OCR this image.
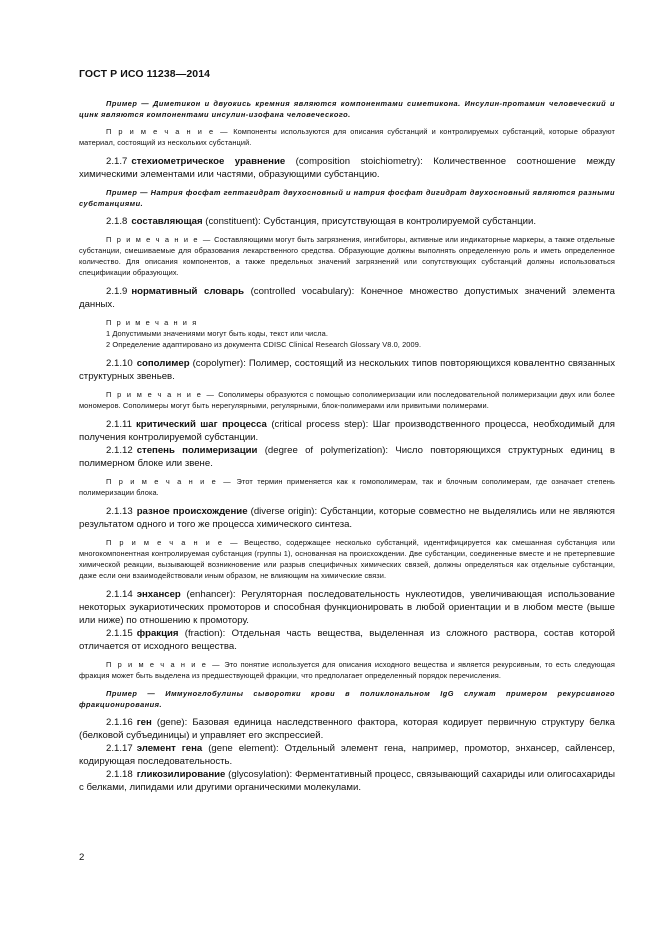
ГОСТ Р ИСО 11238—2014

Пример — Диметикон и двуокись кремния являются компонентами симетикона. Инсулин-протамин человеческий и цинк являются компонентами инсулин-изофана человеческого.

П р и м е ч а н и е — Компоненты используются для описания субстанций и контролируемых субстанций, которые образуют материал, состоящий из нескольких субстанций.

2.1.7 стехиометрическое уравнение (composition stoichiometry): Количественное соотношение между химическими элементами или частями, образующими субстанцию.

Пример — Натрия фосфат гептагидрат двухосновный и натрия фосфат дигидрат двухосновный являются разными субстанциями.

2.1.8 составляющая (constituent): Субстанция, присутствующая в контролируемой субстанции.

П р и м е ч а н и е — Составляющими могут быть загрязнения, ингибиторы, активные или индикаторные маркеры, а также отдельные субстанции, смешиваемые для образования лекарственного средства. Образующие должны выполнять определенную роль и иметь определенное количество. Для описания компонентов, а также предельных значений загрязнений или сопутствующих субстанций должны использоваться спецификации образующих.

2.1.9 нормативный словарь (controlled vocabulary): Конечное множество допустимых значений элемента данных.

П р и м е ч а н и я

1 Допустимыми значениями могут быть коды, текст или числа.

2 Определение адаптировано из документа CDISC Clinical Research Glossary V8.0, 2009.

2.1.10 сополимер (copolymer): Полимер, состоящий из нескольких типов повторяющихся ковалентно связанных структурных звеньев.

П р и м е ч а н и е — Сополимеры образуются с помощью сополимеризации или последовательной полимеризации двух или более мономеров. Сополимеры могут быть нерегулярными, регулярными, блок-полимерами или привитыми полимерами.

2.1.11 критический шаг процесса (critical process step): Шаг производственного процесса, необходимый для получения контролируемой субстанции.

2.1.12 степень полимеризации (degree of polymerization): Число повторяющихся структурных единиц в полимерном блоке или звене.

П р и м е ч а н и е — Этот термин применяется как к гомополимерам, так и блочным сополимерам, где означает степень полимеризации блока.

2.1.13 разное происхождение (diverse origin): Субстанции, которые совместно не выделялись или не являются результатом одного и того же процесса химического синтеза.

П р и м е ч а н и е — Вещество, содержащее несколько субстанций, идентифицируется как смешанная субстанция или многокомпонентная контролируемая субстанция (группы 1), основанная на происхождении. Две субстанции, соединенные вместе и не претерпевшие химической реакции, вызывающей возникновение или разрыв специфичных химических связей, должны определяться как отдельные субстанции, даже если они взаимодействовали иным образом, не влияющим на химические связи.

2.1.14 энхансер (enhancer): Регуляторная последовательность нуклеотидов, увеличивающая использование некоторых эукариотических промоторов и способная функционировать в любой ориентации и в любом месте (выше или ниже) по отношению к промотору.

2.1.15 фракция (fraction): Отдельная часть вещества, выделенная из сложного раствора, состав которой отличается от исходного вещества.

П р и м е ч а н и е — Это понятие используется для описания исходного вещества и является рекурсивным, то есть следующая фракция может быть выделена из предшествующей фракции, что предполагает определенный порядок перечисления.

Пример — Иммуноглобулины сыворотки крови в поликлональном IgG служат примером рекурсивного фракционирования.

2.1.16 ген (gene): Базовая единица наследственного фактора, которая кодирует первичную структуру белка (белковой субъединицы) и управляет его экспрессией.

2.1.17 элемент гена (gene element): Отдельный элемент гена, например, промотор, энхансер, сайленсер, кодирующая последовательность.

2.1.18 гликозилирование (glycosylation): Ферментативный процесс, связывающий сахариды или олигосахариды с белками, липидами или другими органическими молекулами.

2
